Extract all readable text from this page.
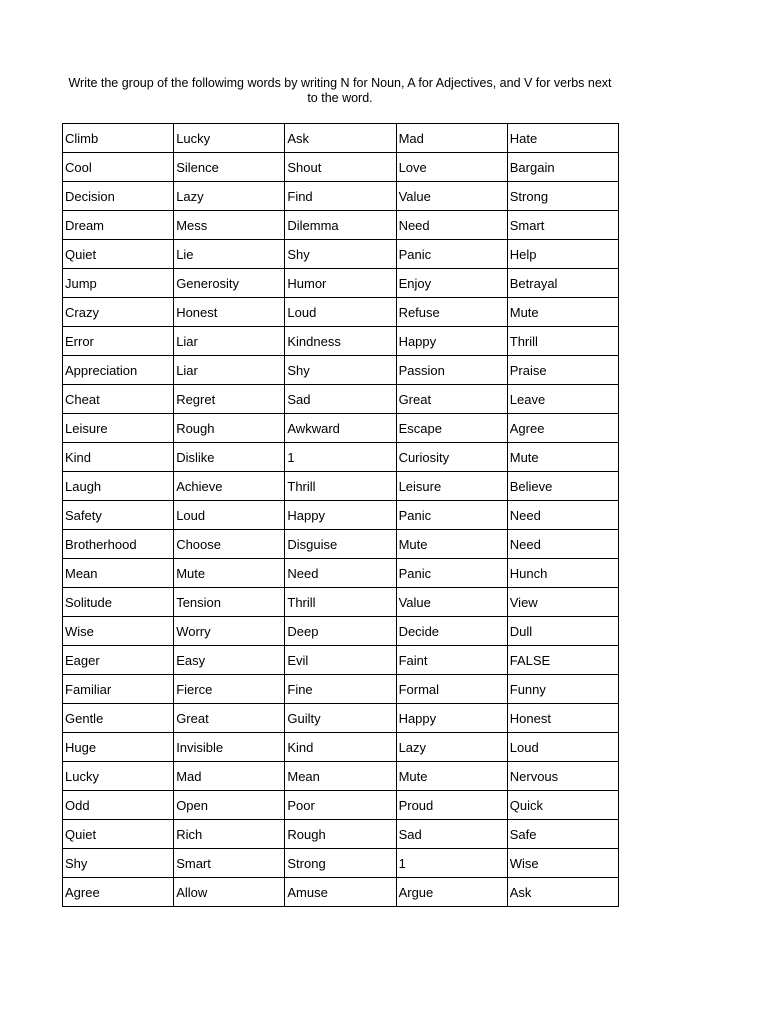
Write the group of the followimg words by writing N for Noun, A for Adjectives, and V for verbs next to the word.

Climb	Lucky	Ask	Mad	Hate
Cool	Silence	Shout	Love	Bargain
Decision	Lazy	Find	Value	Strong
Dream	Mess	Dilemma	Need	Smart
Quiet	Lie	Shy	Panic	Help
Jump	Generosity	Humor	Enjoy	Betrayal
Crazy	Honest	Loud	Refuse	Mute
Error	Liar	Kindness	Happy	Thrill
Appreciation	Liar	Shy	Passion	Praise
Cheat	Regret	Sad	Great	Leave
Leisure	Rough	Awkward	Escape	Agree
Kind	Dislike	1	Curiosity	Mute
Laugh	Achieve	Thrill	Leisure	Believe
Safety	Loud	Happy	Panic	Need
Brotherhood	Choose	Disguise	Mute	Need
Mean	Mute	Need	Panic	Hunch
Solitude	Tension	Thrill	Value	View
Wise	Worry	Deep	Decide	Dull
Eager	Easy	Evil	Faint	FALSE
Familiar	Fierce	Fine	Formal	Funny
Gentle	Great	Guilty	Happy	Honest
Huge	Invisible	Kind	Lazy	Loud
Lucky	Mad	Mean	Mute	Nervous
Odd	Open	Poor	Proud	Quick
Quiet	Rich	Rough	Sad	Safe
Shy	Smart	Strong	1	Wise
Agree	Allow	Amuse	Argue	Ask
